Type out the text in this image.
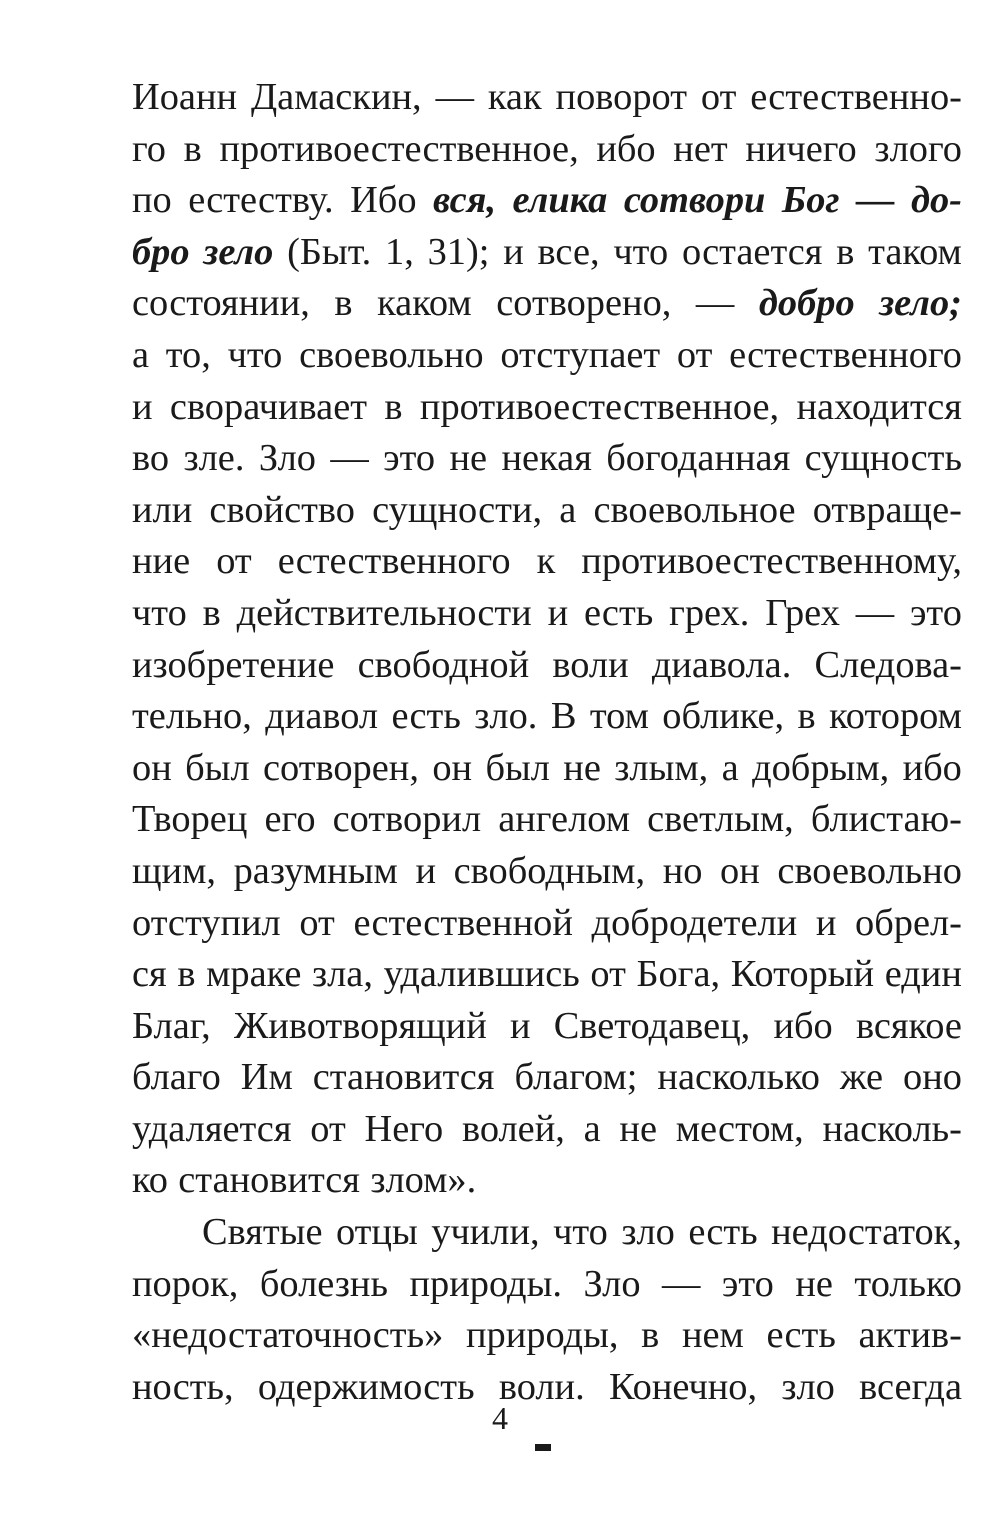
Иоанн Дамаскин, — как поворот от естественно-
го в противоестественное, ибо нет ничего злого
по естеству. Ибо вся, елика сотвори Бог — до-
бро зело (Быт. 1, 31); и все, что остается в таком
состоянии, в каком сотворено, — добро зело;
а то, что своевольно отступает от естественного
и сворачивает в противоестественное, находится
во зле. Зло — это не некая богоданная сущность
или свойство сущности, а своевольное отвраще-
ние от естественного к противоестественному,
что в действительности и есть грех. Грех — это
изобретение свободной воли диавола. Следова-
тельно, диавол есть зло. В том облике, в котором
он был сотворен, он был не злым, а добрым, ибо
Творец его сотворил ангелом светлым, блистаю-
щим, разумным и свободным, но он своевольно
отступил от естественной добродетели и обрел-
ся в мраке зла, удалившись от Бога, Который един
Благ, Животворящий и Светодавец, ибо всякое
благо Им становится благом; насколько же оно
удаляется от Него волей, а не местом, насколь-
ко становится злом».
Святые отцы учили, что зло есть недостаток,
порок, болезнь природы. Зло — это не только
«недостаточность» природы, в нем есть актив-
ность, одержимость воли. Конечно, зло всегда
4
